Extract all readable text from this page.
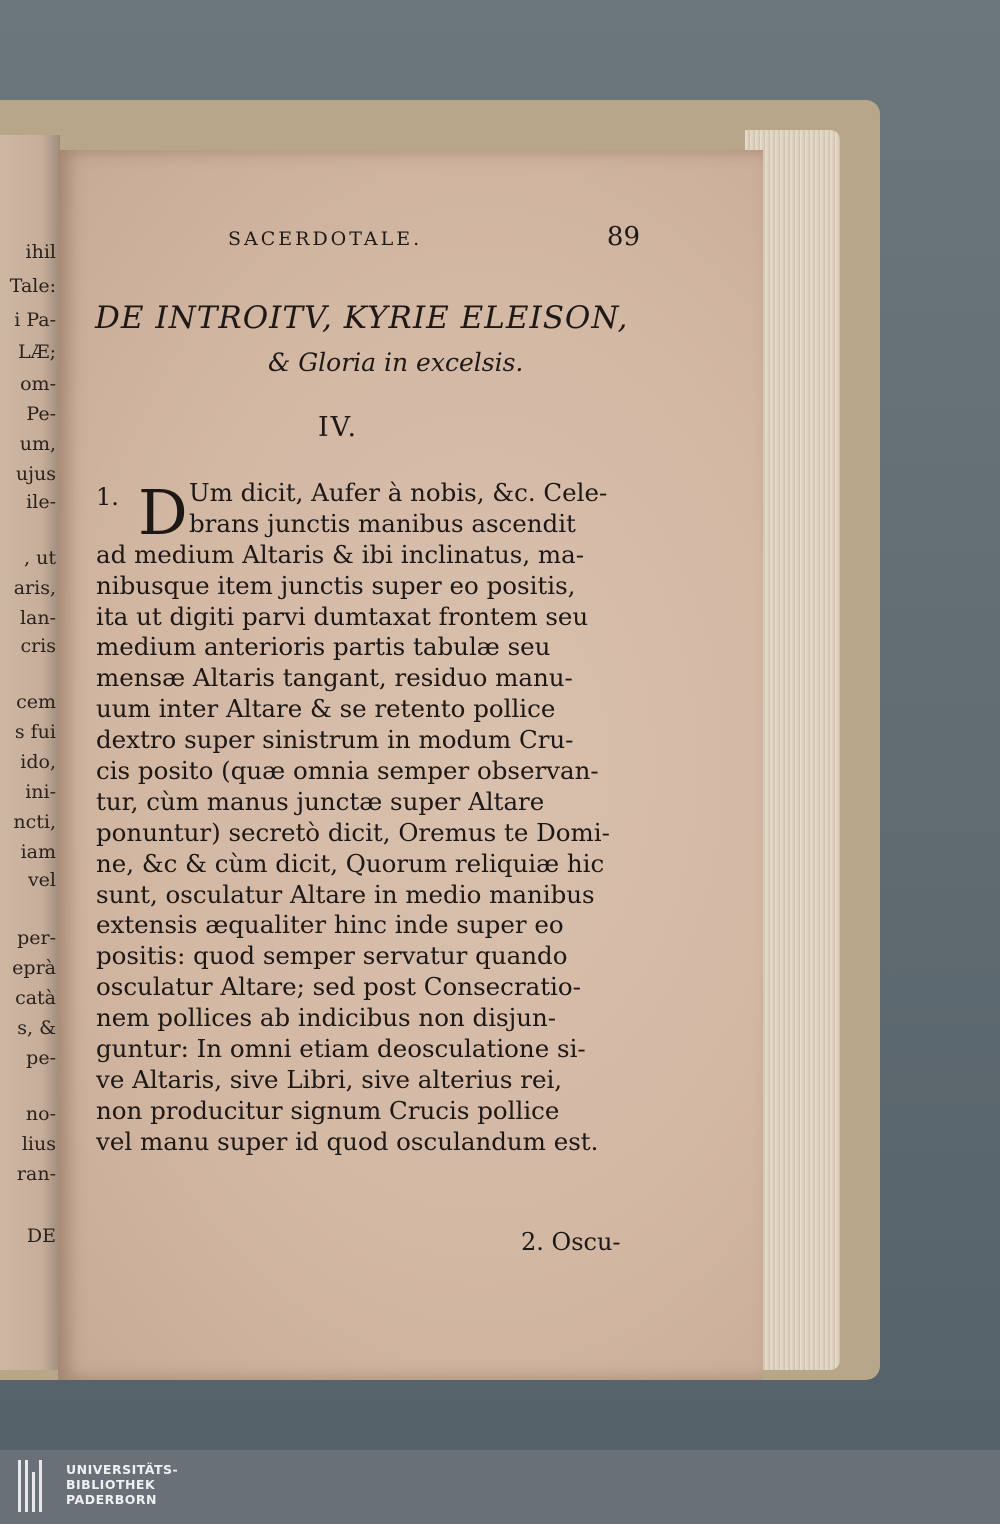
ihil
Tale:
i Pa-
LÆ;
om-
Pe-
um,
ujus
ile-
, ut
aris,
lan-
cris
cem
s fui
ido,
ini-
ncti,
iam
vel
per-
eprà
catà
s, &
pe-
no-
lius
ran-
DE
SACERDOTALE.	89
DE INTROITV, KYRIE ELEISON,
& Gloria in excelsis.
IV.
1. D Um dicit, Aufer à nobis, &c. Cele-
brans junctis manibus ascendit
ad medium Altaris & ibi inclinatus, ma-
nibusque item junctis super eo positis,
ita ut digiti parvi dumtaxat frontem seu
medium anterioris partis tabulæ seu
mensæ Altaris tangant, residuo manu-
uum inter Altare & se retento pollice
dextro super sinistrum in modum Cru-
cis posito (quæ omnia semper observan-
tur, cùm manus junctæ super Altare
ponuntur) secretò dicit, Oremus te Domi-
ne, &c & cùm dicit, Quorum reliquiæ hic
sunt, osculatur Altare in medio manibus
extensis æqualiter hinc inde super eo
positis: quod semper servatur quando
osculatur Altare; sed post Consecratio-
nem pollices ab indicibus non disjun-
guntur: In omni etiam deosculatione si-
ve Altaris, sive Libri, sive alterius rei,
non producitur signum Crucis pollice
vel manu super id quod osculandum est.
2. Oscu-
UNIVERSITÄTS-
BIBLIOTHEK
PADERBORN
